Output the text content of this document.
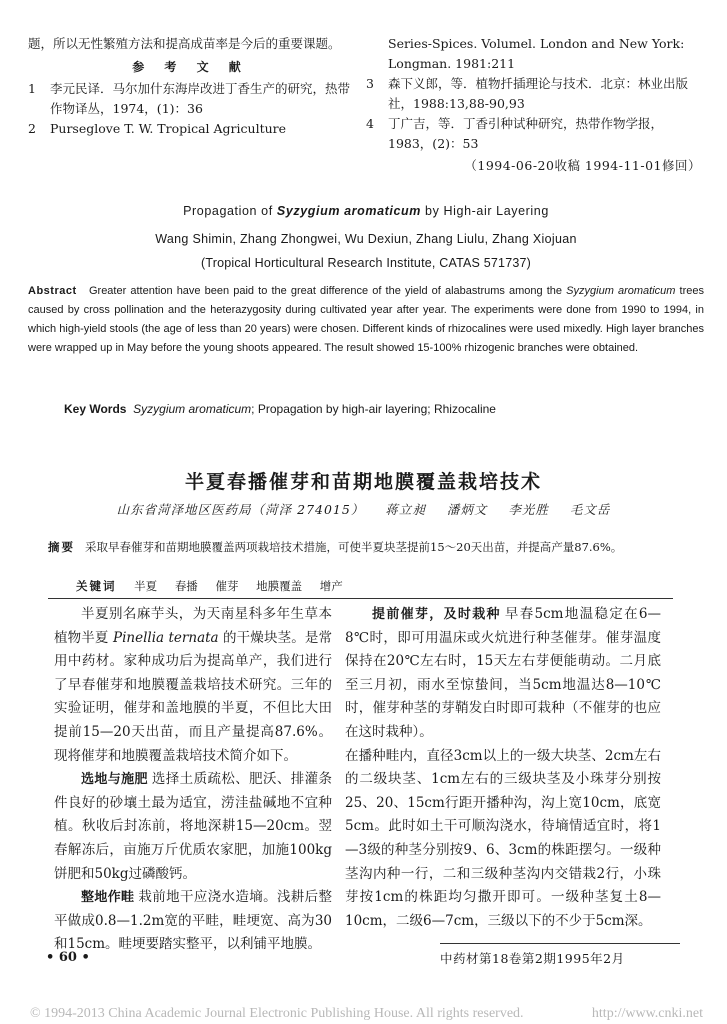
题，所以无性繁殖方法和提高成苗率是今后的重要课题。

参 考 文 献
1	李元民译．马尔加什东海岸改进丁香生产的研究，热带作物译丛，1974，(1)：36
2	Purseglove T. W. Tropical Agriculture
Series-Spices. Volumel. London and New York: Longman. 1981:211
3	森下义郎，等．植物扦插理论与技术．北京：林业出版社，1988:13,88-90,93
4	丁广吉，等．丁香引种试种研究，热带作物学报，1983，(2)：53
（1994-06-20收稿 1994-11-01修回）
Propagation of Syzygium aromaticum by High-air Layering
Wang Shimin, Zhang Zhongwei, Wu Dexiun, Zhang Liulu, Zhang Xiojuan
(Tropical Horticultural Research Institute, CATAS 571737)
Abstract Greater attention have been paid to the great difference of the yield of alabastrums among the Syzygium aromaticum trees caused by cross pollination and the heterazygosity during cultivated year after year. The experiments were done from 1990 to 1994, in which high-yield stools (the age of less than 20 years) were chosen. Different kinds of rhizocalines were used mixedly. High layer branches were wrapped up in May before the young shoots appeared. The result showed 15-100% rhizogenic branches were obtained.
Key Words Syzygium aromaticum; Propagation by high-air layering; Rhizocaline
半夏春播催芽和苗期地膜覆盖栽培技术
山东省菏泽地区医药局（菏泽 274015） 蒋立昶 潘炳文 李光胜 毛文岳
摘要 采取早春催芽和苗期地膜覆盖两项栽培技术措施，可使半夏块茎提前15～20天出苗，并提高产量87.6%。
关键词 半夏 春播 催芽 地膜覆盖 增产

半夏别名麻芋头，为天南星科多年生草本植物半夏 Pinellia ternata 的干燥块茎。是常用中药材。家种成功后为提高单产，我们进行了早春催芽和地膜覆盖栽培技术研究。三年的实验证明，催芽和盖地膜的半夏，不但比大田提前15—20天出苗，而且产量提高87.6%。现将催芽和地膜覆盖栽培技术简介如下。

选地与施肥 选择土质疏松、肥沃、排灌条件良好的砂壤土最为适宜，涝洼盐碱地不宜种植。秋收后封冻前，将地深耕15—20cm。翌春解冻后，亩施万斤优质农家肥，加施100kg饼肥和50kg过磷酸钙。

整地作畦 栽前地干应浇水造墒。浅耕后整平做成0.8—1.2m宽的平畦，畦埂宽、高为30和15cm。畦埂要踏实整平，以利铺平地膜。

提前催芽，及时栽种 早春5cm地温稳定在6—8℃时，即可用温床或火炕进行种茎催芽。催芽温度保持在20℃左右时，15天左右芽便能萌动。二月底至三月初，雨水至惊蛰间，当5cm地温达8—10℃时，催芽种茎的芽鞘发白时即可栽种（不催芽的也应在这时栽种）。

在播种畦内，直径3cm以上的一级大块茎、2cm左右的二级块茎、1cm左右的三级块茎及小珠芽分别按25、20、15cm行距开播种沟，沟上宽10cm，底宽5cm。此时如土干可顺沟浇水，待墒情适宜时，将1—3级的种茎分别按9、6、3cm的株距摆匀。一级种茎沟内种一行，二和三级种茎沟内交错栽2行，小珠芽按1cm的株距均匀撒开即可。一级种茎复土8—10cm，二级6—7cm，三级以下的不少于5cm深。

• 60 •	中药材第18卷第2期1995年2月
© 1994-2013 China Academic Journal Electronic Publishing House. All rights reserved.	http://www.cnki.net
